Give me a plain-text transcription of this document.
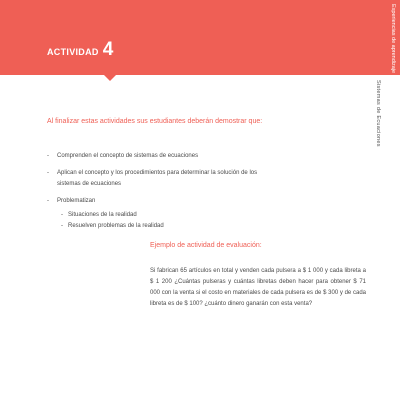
ACTIVIDAD 4	Experiencias de aprendizaje
Sistemas de Ecuaciones

Al finalizar estas actividades sus estudiantes deberán demostrar que:

- Comprenden el concepto de sistemas de ecuaciones
- Aplican el concepto y los procedimientos para determinar la solución de los sistemas de ecuaciones
- Problematizan
- Situaciones de la realidad
- Resuelven problemas de la realidad
Ejemplo de actividad de evaluación:

Si fabrican 65 artículos en total y venden cada pulsera a $ 1 000 y cada libreta a $ 1 200 ¿Cuántas pulseras y cuántas libretas deben hacer para obtener $ 71 000 con la venta si el costo en materiales de cada pulsera es de $ 300 y de cada libreta es de $ 100? ¿cuánto dinero ganarán con esta venta?
